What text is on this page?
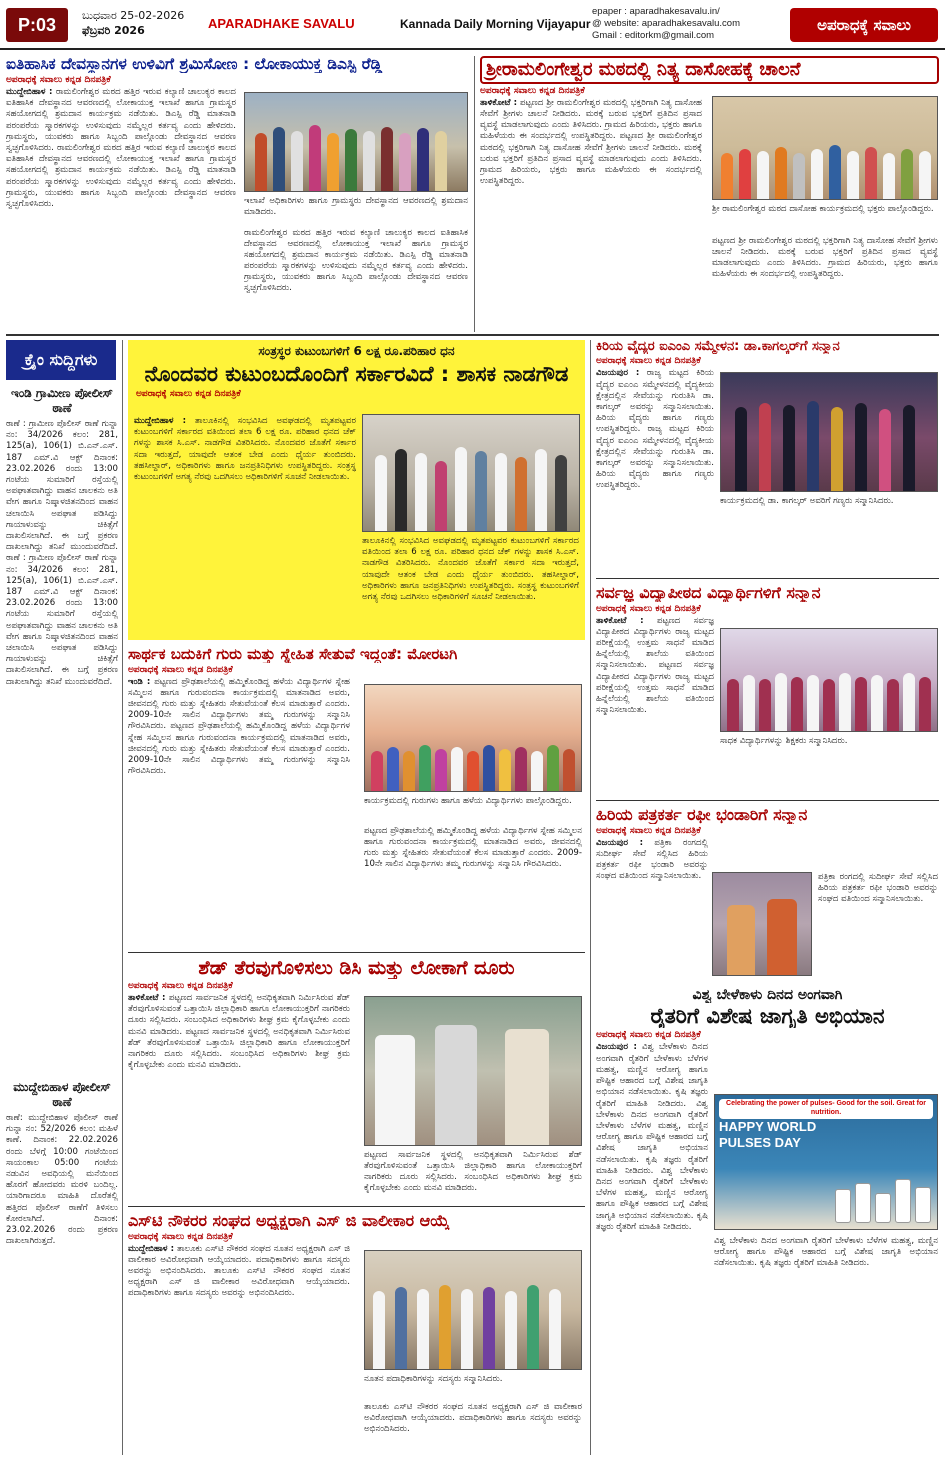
P:03	ಬುಧವಾರ 25-02-2026
ಫೆಬ್ರವರಿ 2026	APARADHAKE SAVALU	Kannada Daily Morning Vijayapur
epaper : aparadhakesavalu.in/
@ website: aparadhakesavalu.com
Gmail : editorkm@gmail.com
ಅಪರಾಧಕ್ಕೆ ಸವಾಲು
ಐತಿಹಾಸಿಕ ದೇವಸ್ಥಾನಗಳ ಉಳಿವಿಗೆ ಶ್ರಮಿಸೋಣ : ಲೋಕಾಯುಕ್ತ ಡಿಎಸ್ಪಿ ರೆಡ್ಡಿ
ಅಪರಾಧಕ್ಕೆ ಸವಾಲು ಕನ್ನಡ ದಿನಪತ್ರಿಕೆ
ಮುದ್ದೇಬಿಹಾಳ : ರಾಮಲಿಂಗೇಶ್ವರ ಮಠದ ಹತ್ತಿರ ಇರುವ ಕಲ್ಯಾಣಿ ಚಾಲುಕ್ಯರ ಕಾಲದ ಐತಿಹಾಸಿಕ ದೇವಸ್ಥಾನದ ಆವರಣದಲ್ಲಿ ಲೋಕಾಯುಕ್ತ ಇಲಾಖೆ ಹಾಗೂ ಗ್ರಾಮಸ್ಥರ ಸಹಯೋಗದಲ್ಲಿ ಶ್ರಮದಾನ ಕಾರ್ಯಕ್ರಮ ನಡೆಯಿತು. ಡಿಎಸ್ಪಿ ರೆಡ್ಡಿ ಮಾತನಾಡಿ ಪರಂಪರೆಯ ಸ್ಮಾರಕಗಳನ್ನು ಉಳಿಸುವುದು ನಮ್ಮೆಲ್ಲರ ಕರ್ತವ್ಯ ಎಂದು ಹೇಳಿದರು. ಗ್ರಾಮಸ್ಥರು, ಯುವಕರು ಹಾಗೂ ಸಿಬ್ಬಂದಿ ಪಾಲ್ಗೊಂಡು ದೇವಸ್ಥಾನದ ಆವರಣ ಸ್ವಚ್ಛಗೊಳಿಸಿದರು. ರಾಮಲಿಂಗೇಶ್ವರ ಮಠದ ಹತ್ತಿರ ಇರುವ ಕಲ್ಯಾಣಿ ಚಾಲುಕ್ಯರ ಕಾಲದ ಐತಿಹಾಸಿಕ ದೇವಸ್ಥಾನದ ಆವರಣದಲ್ಲಿ ಲೋಕಾಯುಕ್ತ ಇಲಾಖೆ ಹಾಗೂ ಗ್ರಾಮಸ್ಥರ ಸಹಯೋಗದಲ್ಲಿ ಶ್ರಮದಾನ ಕಾರ್ಯಕ್ರಮ ನಡೆಯಿತು. ಡಿಎಸ್ಪಿ ರೆಡ್ಡಿ ಮಾತನಾಡಿ ಪರಂಪರೆಯ ಸ್ಮಾರಕಗಳನ್ನು ಉಳಿಸುವುದು ನಮ್ಮೆಲ್ಲರ ಕರ್ತವ್ಯ ಎಂದು ಹೇಳಿದರು. ಗ್ರಾಮಸ್ಥರು, ಯುವಕರು ಹಾಗೂ ಸಿಬ್ಬಂದಿ ಪಾಲ್ಗೊಂಡು ದೇವಸ್ಥಾನದ ಆವರಣ ಸ್ವಚ್ಛಗೊಳಿಸಿದರು.	ಇಲಾಖೆ ಅಧಿಕಾರಿಗಳು ಹಾಗೂ ಗ್ರಾಮಸ್ಥರು ದೇವಸ್ಥಾನದ ಆವರಣದಲ್ಲಿ ಶ್ರಮದಾನ ಮಾಡಿದರು.
ರಾಮಲಿಂಗೇಶ್ವರ ಮಠದ ಹತ್ತಿರ ಇರುವ ಕಲ್ಯಾಣಿ ಚಾಲುಕ್ಯರ ಕಾಲದ ಐತಿಹಾಸಿಕ ದೇವಸ್ಥಾನದ ಆವರಣದಲ್ಲಿ ಲೋಕಾಯುಕ್ತ ಇಲಾಖೆ ಹಾಗೂ ಗ್ರಾಮಸ್ಥರ ಸಹಯೋಗದಲ್ಲಿ ಶ್ರಮದಾನ ಕಾರ್ಯಕ್ರಮ ನಡೆಯಿತು. ಡಿಎಸ್ಪಿ ರೆಡ್ಡಿ ಮಾತನಾಡಿ ಪರಂಪರೆಯ ಸ್ಮಾರಕಗಳನ್ನು ಉಳಿಸುವುದು ನಮ್ಮೆಲ್ಲರ ಕರ್ತವ್ಯ ಎಂದು ಹೇಳಿದರು. ಗ್ರಾಮಸ್ಥರು, ಯುವಕರು ಹಾಗೂ ಸಿಬ್ಬಂದಿ ಪಾಲ್ಗೊಂಡು ದೇವಸ್ಥಾನದ ಆವರಣ ಸ್ವಚ್ಛಗೊಳಿಸಿದರು.
ಶ್ರೀರಾಮಲಿಂಗೇಶ್ವರ ಮಠದಲ್ಲಿ ನಿತ್ಯ ದಾಸೋಹಕ್ಕೆ ಚಾಲನೆ
ಅಪರಾಧಕ್ಕೆ ಸವಾಲು ಕನ್ನಡ ದಿನಪತ್ರಿಕೆ
ತಾಳಿಕೋಟೆ : ಪಟ್ಟಣದ ಶ್ರೀ ರಾಮಲಿಂಗೇಶ್ವರ ಮಠದಲ್ಲಿ ಭಕ್ತರಿಗಾಗಿ ನಿತ್ಯ ದಾಸೋಹ ಸೇವೆಗೆ ಶ್ರೀಗಳು ಚಾಲನೆ ನೀಡಿದರು. ಮಠಕ್ಕೆ ಬರುವ ಭಕ್ತರಿಗೆ ಪ್ರತಿದಿನ ಪ್ರಸಾದ ವ್ಯವಸ್ಥೆ ಮಾಡಲಾಗುವುದು ಎಂದು ತಿಳಿಸಿದರು. ಗ್ರಾಮದ ಹಿರಿಯರು, ಭಕ್ತರು ಹಾಗೂ ಮಹಿಳೆಯರು ಈ ಸಂದರ್ಭದಲ್ಲಿ ಉಪಸ್ಥಿತರಿದ್ದರು. ಪಟ್ಟಣದ ಶ್ರೀ ರಾಮಲಿಂಗೇಶ್ವರ ಮಠದಲ್ಲಿ ಭಕ್ತರಿಗಾಗಿ ನಿತ್ಯ ದಾಸೋಹ ಸೇವೆಗೆ ಶ್ರೀಗಳು ಚಾಲನೆ ನೀಡಿದರು. ಮಠಕ್ಕೆ ಬರುವ ಭಕ್ತರಿಗೆ ಪ್ರತಿದಿನ ಪ್ರಸಾದ ವ್ಯವಸ್ಥೆ ಮಾಡಲಾಗುವುದು ಎಂದು ತಿಳಿಸಿದರು. ಗ್ರಾಮದ ಹಿರಿಯರು, ಭಕ್ತರು ಹಾಗೂ ಮಹಿಳೆಯರು ಈ ಸಂದರ್ಭದಲ್ಲಿ ಉಪಸ್ಥಿತರಿದ್ದರು.
ಶ್ರೀ ರಾಮಲಿಂಗೇಶ್ವರ ಮಠದ ದಾಸೋಹ ಕಾರ್ಯಕ್ರಮದಲ್ಲಿ ಭಕ್ತರು ಪಾಲ್ಗೊಂಡಿದ್ದರು.
ಪಟ್ಟಣದ ಶ್ರೀ ರಾಮಲಿಂಗೇಶ್ವರ ಮಠದಲ್ಲಿ ಭಕ್ತರಿಗಾಗಿ ನಿತ್ಯ ದಾಸೋಹ ಸೇವೆಗೆ ಶ್ರೀಗಳು ಚಾಲನೆ ನೀಡಿದರು. ಮಠಕ್ಕೆ ಬರುವ ಭಕ್ತರಿಗೆ ಪ್ರತಿದಿನ ಪ್ರಸಾದ ವ್ಯವಸ್ಥೆ ಮಾಡಲಾಗುವುದು ಎಂದು ತಿಳಿಸಿದರು. ಗ್ರಾಮದ ಹಿರಿಯರು, ಭಕ್ತರು ಹಾಗೂ ಮಹಿಳೆಯರು ಈ ಸಂದರ್ಭದಲ್ಲಿ ಉಪಸ್ಥಿತರಿದ್ದರು.
ಕ್ರೈಂ ಸುದ್ದಿಗಳು
ಇಂಡಿ ಗ್ರಾಮೀಣ ಪೋಲೀಸ್ ಠಾಣೆ
ಠಾಣೆ : ಗ್ರಾಮೀಣ ಪೊಲೀಸ್ ಠಾಣೆ ಗುನ್ನಾ ನಂ: 34/2026 ಕಲಂ: 281, 125(a), 106(1) ಬಿ.ಎನ್.ಎಸ್. 187 ಎಮ್.ವಿ ಆಕ್ಟ್ ದಿನಾಂಕ: 23.02.2026 ರಂದು 13:00 ಗಂಟೆಯ ಸುಮಾರಿಗೆ ರಸ್ತೆಯಲ್ಲಿ ಅಪಘಾತವಾಗಿದ್ದು ವಾಹನ ಚಾಲಕನು ಅತಿ ವೇಗ ಹಾಗೂ ನಿಷ್ಕಾಳಜಿತನದಿಂದ ವಾಹನ ಚಲಾಯಿಸಿ ಅಪಘಾತ ಪಡಿಸಿದ್ದು ಗಾಯಾಳುವನ್ನು ಚಿಕಿತ್ಸೆಗೆ ದಾಖಲಿಸಲಾಗಿದೆ. ಈ ಬಗ್ಗೆ ಪ್ರಕರಣ ದಾಖಲಾಗಿದ್ದು ತನಿಖೆ ಮುಂದುವರೆದಿದೆ. ಠಾಣೆ : ಗ್ರಾಮೀಣ ಪೊಲೀಸ್ ಠಾಣೆ ಗುನ್ನಾ ನಂ: 34/2026 ಕಲಂ: 281, 125(a), 106(1) ಬಿ.ಎನ್.ಎಸ್. 187 ಎಮ್.ವಿ ಆಕ್ಟ್ ದಿನಾಂಕ: 23.02.2026 ರಂದು 13:00 ಗಂಟೆಯ ಸುಮಾರಿಗೆ ರಸ್ತೆಯಲ್ಲಿ ಅಪಘಾತವಾಗಿದ್ದು ವಾಹನ ಚಾಲಕನು ಅತಿ ವೇಗ ಹಾಗೂ ನಿಷ್ಕಾಳಜಿತನದಿಂದ ವಾಹನ ಚಲಾಯಿಸಿ ಅಪಘಾತ ಪಡಿಸಿದ್ದು ಗಾಯಾಳುವನ್ನು ಚಿಕಿತ್ಸೆಗೆ ದಾಖಲಿಸಲಾಗಿದೆ. ಈ ಬಗ್ಗೆ ಪ್ರಕರಣ ದಾಖಲಾಗಿದ್ದು ತನಿಖೆ ಮುಂದುವರೆದಿದೆ.
ಮುದ್ದೇಬಿಹಾಳ ಪೋಲೀಸ್ ಠಾಣೆ
ಠಾಣೆ: ಮುದ್ದೇಬಿಹಾಳ ಪೊಲೀಸ್ ಠಾಣೆ ಗುನ್ನಾ ನಂ: 52/2026 ಕಲಂ: ಮಹಿಳೆ ಕಾಣೆ. ದಿನಾಂಕ: 22.02.2026 ರಂದು ಬೆಳಗ್ಗೆ 10:00 ಗಂಟೆಯಿಂದ ಸಾಯಂಕಾಲ 05:00 ಗಂಟೆಯ ನಡುವಿನ ಅವಧಿಯಲ್ಲಿ ಮನೆಯಿಂದ ಹೊರಗೆ ಹೋದವರು ಮರಳಿ ಬಂದಿಲ್ಲ. ಯಾರಿಗಾದರೂ ಮಾಹಿತಿ ದೊರೆತಲ್ಲಿ ಹತ್ತಿರದ ಪೊಲೀಸ್ ಠಾಣೆಗೆ ತಿಳಿಸಲು ಕೋರಲಾಗಿದೆ. ದಿನಾಂಕ: 23.02.2026 ರಂದು ಪ್ರಕರಣ ದಾಖಲಾಗಿರುತ್ತದೆ.
ಸಂತ್ರಸ್ಥರ ಕುಟುಂಬಗಳಿಗೆ 6 ಲಕ್ಷ ರೂ.ಪರಿಹಾರ ಧನ
ನೊಂದವರ ಕುಟುಂಬದೊಂದಿಗೆ ಸರ್ಕಾರವಿದೆ : ಶಾಸಕ ನಾಡಗೌಡ
ಅಪರಾಧಕ್ಕೆ ಸವಾಲು ಕನ್ನಡ ದಿನಪತ್ರಿಕೆ
ಮುದ್ದೇಬಿಹಾಳ : ತಾಲೂಕಿನಲ್ಲಿ ಸಂಭವಿಸಿದ ಅವಘಡದಲ್ಲಿ ಮೃತಪಟ್ಟವರ ಕುಟುಂಬಗಳಿಗೆ ಸರ್ಕಾರದ ವತಿಯಿಂದ ತಲಾ 6 ಲಕ್ಷ ರೂ. ಪರಿಹಾರ ಧನದ ಚೆಕ್ ಗಳನ್ನು ಶಾಸಕ ಸಿ.ಎಸ್. ನಾಡಗೌಡ ವಿತರಿಸಿದರು. ನೊಂದವರ ಜೊತೆಗೆ ಸರ್ಕಾರ ಸದಾ ಇರುತ್ತದೆ, ಯಾವುದೇ ಆತಂಕ ಬೇಡ ಎಂದು ಧೈರ್ಯ ತುಂಬಿದರು. ತಹಸೀಲ್ದಾರ್, ಅಧಿಕಾರಿಗಳು ಹಾಗೂ ಜನಪ್ರತಿನಿಧಿಗಳು ಉಪಸ್ಥಿತರಿದ್ದರು. ಸಂತ್ರಸ್ಥ ಕುಟುಂಬಗಳಿಗೆ ಅಗತ್ಯ ನೆರವು ಒದಗಿಸಲು ಅಧಿಕಾರಿಗಳಿಗೆ ಸೂಚನೆ ನೀಡಲಾಯಿತು.
ತಾಲೂಕಿನಲ್ಲಿ ಸಂಭವಿಸಿದ ಅವಘಡದಲ್ಲಿ ಮೃತಪಟ್ಟವರ ಕುಟುಂಬಗಳಿಗೆ ಸರ್ಕಾರದ ವತಿಯಿಂದ ತಲಾ 6 ಲಕ್ಷ ರೂ. ಪರಿಹಾರ ಧನದ ಚೆಕ್ ಗಳನ್ನು ಶಾಸಕ ಸಿ.ಎಸ್. ನಾಡಗೌಡ ವಿತರಿಸಿದರು. ನೊಂದವರ ಜೊತೆಗೆ ಸರ್ಕಾರ ಸದಾ ಇರುತ್ತದೆ, ಯಾವುದೇ ಆತಂಕ ಬೇಡ ಎಂದು ಧೈರ್ಯ ತುಂಬಿದರು. ತಹಸೀಲ್ದಾರ್, ಅಧಿಕಾರಿಗಳು ಹಾಗೂ ಜನಪ್ರತಿನಿಧಿಗಳು ಉಪಸ್ಥಿತರಿದ್ದರು. ಸಂತ್ರಸ್ಥ ಕುಟುಂಬಗಳಿಗೆ ಅಗತ್ಯ ನೆರವು ಒದಗಿಸಲು ಅಧಿಕಾರಿಗಳಿಗೆ ಸೂಚನೆ ನೀಡಲಾಯಿತು.
ಕಿರಿಯ ವೈದ್ಯರ ಐಎಂಎ ಸಮ್ಮೇಳನ: ಡಾ.ಕಾಗಲ್ಕರ್‌ಗೆ ಸನ್ಮಾನ
ಅಪರಾಧಕ್ಕೆ ಸವಾಲು ಕನ್ನಡ ದಿನಪತ್ರಿಕೆ
ವಿಜಯಪುರ : ರಾಜ್ಯ ಮಟ್ಟದ ಕಿರಿಯ ವೈದ್ಯರ ಐಎಂಎ ಸಮ್ಮೇಳನದಲ್ಲಿ ವೈದ್ಯಕೀಯ ಕ್ಷೇತ್ರದಲ್ಲಿನ ಸೇವೆಯನ್ನು ಗುರುತಿಸಿ ಡಾ. ಕಾಗಲ್ಕರ್ ಅವರನ್ನು ಸನ್ಮಾನಿಸಲಾಯಿತು. ಹಿರಿಯ ವೈದ್ಯರು ಹಾಗೂ ಗಣ್ಯರು ಉಪಸ್ಥಿತರಿದ್ದರು. ರಾಜ್ಯ ಮಟ್ಟದ ಕಿರಿಯ ವೈದ್ಯರ ಐಎಂಎ ಸಮ್ಮೇಳನದಲ್ಲಿ ವೈದ್ಯಕೀಯ ಕ್ಷೇತ್ರದಲ್ಲಿನ ಸೇವೆಯನ್ನು ಗುರುತಿಸಿ ಡಾ. ಕಾಗಲ್ಕರ್ ಅವರನ್ನು ಸನ್ಮಾನಿಸಲಾಯಿತು. ಹಿರಿಯ ವೈದ್ಯರು ಹಾಗೂ ಗಣ್ಯರು ಉಪಸ್ಥಿತರಿದ್ದರು.
ಕಾರ್ಯಕ್ರಮದಲ್ಲಿ ಡಾ. ಕಾಗಲ್ಕರ್ ಅವರಿಗೆ ಗಣ್ಯರು ಸನ್ಮಾನಿಸಿದರು.
ಸಾರ್ಥಕ ಬದುಕಿಗೆ ಗುರು ಮತ್ತು ಸ್ನೇಹಿತ ಸೇತುವೆ ಇದ್ದಂತೆ: ಮೋರಟಗಿ
ಅಪರಾಧಕ್ಕೆ ಸವಾಲು ಕನ್ನಡ ದಿನಪತ್ರಿಕೆ
ಇಂಡಿ : ಪಟ್ಟಣದ ಪ್ರೌಢಶಾಲೆಯಲ್ಲಿ ಹಮ್ಮಿಕೊಂಡಿದ್ದ ಹಳೆಯ ವಿದ್ಯಾರ್ಥಿಗಳ ಸ್ನೇಹ ಸಮ್ಮಿಲನ ಹಾಗೂ ಗುರುವಂದನಾ ಕಾರ್ಯಕ್ರಮದಲ್ಲಿ ಮಾತನಾಡಿದ ಅವರು, ಜೀವನದಲ್ಲಿ ಗುರು ಮತ್ತು ಸ್ನೇಹಿತರು ಸೇತುವೆಯಂತೆ ಕೆಲಸ ಮಾಡುತ್ತಾರೆ ಎಂದರು. 2009-10ನೇ ಸಾಲಿನ ವಿದ್ಯಾರ್ಥಿಗಳು ತಮ್ಮ ಗುರುಗಳನ್ನು ಸನ್ಮಾನಿಸಿ ಗೌರವಿಸಿದರು. ಪಟ್ಟಣದ ಪ್ರೌಢಶಾಲೆಯಲ್ಲಿ ಹಮ್ಮಿಕೊಂಡಿದ್ದ ಹಳೆಯ ವಿದ್ಯಾರ್ಥಿಗಳ ಸ್ನೇಹ ಸಮ್ಮಿಲನ ಹಾಗೂ ಗುರುವಂದನಾ ಕಾರ್ಯಕ್ರಮದಲ್ಲಿ ಮಾತನಾಡಿದ ಅವರು, ಜೀವನದಲ್ಲಿ ಗುರು ಮತ್ತು ಸ್ನೇಹಿತರು ಸೇತುವೆಯಂತೆ ಕೆಲಸ ಮಾಡುತ್ತಾರೆ ಎಂದರು. 2009-10ನೇ ಸಾಲಿನ ವಿದ್ಯಾರ್ಥಿಗಳು ತಮ್ಮ ಗುರುಗಳನ್ನು ಸನ್ಮಾನಿಸಿ ಗೌರವಿಸಿದರು.
ಕಾರ್ಯಕ್ರಮದಲ್ಲಿ ಗುರುಗಳು ಹಾಗೂ ಹಳೆಯ ವಿದ್ಯಾರ್ಥಿಗಳು ಪಾಲ್ಗೊಂಡಿದ್ದರು.
ಪಟ್ಟಣದ ಪ್ರೌಢಶಾಲೆಯಲ್ಲಿ ಹಮ್ಮಿಕೊಂಡಿದ್ದ ಹಳೆಯ ವಿದ್ಯಾರ್ಥಿಗಳ ಸ್ನೇಹ ಸಮ್ಮಿಲನ ಹಾಗೂ ಗುರುವಂದನಾ ಕಾರ್ಯಕ್ರಮದಲ್ಲಿ ಮಾತನಾಡಿದ ಅವರು, ಜೀವನದಲ್ಲಿ ಗುರು ಮತ್ತು ಸ್ನೇಹಿತರು ಸೇತುವೆಯಂತೆ ಕೆಲಸ ಮಾಡುತ್ತಾರೆ ಎಂದರು. 2009-10ನೇ ಸಾಲಿನ ವಿದ್ಯಾರ್ಥಿಗಳು ತಮ್ಮ ಗುರುಗಳನ್ನು ಸನ್ಮಾನಿಸಿ ಗೌರವಿಸಿದರು.
ಸರ್ವಜ್ಞ ವಿದ್ಯಾಪೀಠದ ವಿದ್ಯಾರ್ಥಿಗಳಿಗೆ ಸನ್ಮಾನ
ಅಪರಾಧಕ್ಕೆ ಸವಾಲು ಕನ್ನಡ ದಿನಪತ್ರಿಕೆ
ತಾಳಿಕೋಟೆ : ಪಟ್ಟಣದ ಸರ್ವಜ್ಞ ವಿದ್ಯಾಪೀಠದ ವಿದ್ಯಾರ್ಥಿಗಳು ರಾಜ್ಯ ಮಟ್ಟದ ಪರೀಕ್ಷೆಯಲ್ಲಿ ಉತ್ತಮ ಸಾಧನೆ ಮಾಡಿದ ಹಿನ್ನೆಲೆಯಲ್ಲಿ ಶಾಲೆಯ ವತಿಯಿಂದ ಸನ್ಮಾನಿಸಲಾಯಿತು. ಪಟ್ಟಣದ ಸರ್ವಜ್ಞ ವಿದ್ಯಾಪೀಠದ ವಿದ್ಯಾರ್ಥಿಗಳು ರಾಜ್ಯ ಮಟ್ಟದ ಪರೀಕ್ಷೆಯಲ್ಲಿ ಉತ್ತಮ ಸಾಧನೆ ಮಾಡಿದ ಹಿನ್ನೆಲೆಯಲ್ಲಿ ಶಾಲೆಯ ವತಿಯಿಂದ ಸನ್ಮಾನಿಸಲಾಯಿತು.
ಸಾಧಕ ವಿದ್ಯಾರ್ಥಿಗಳನ್ನು ಶಿಕ್ಷಕರು ಸನ್ಮಾನಿಸಿದರು.
ಹಿರಿಯ ಪತ್ರಕರ್ತ ರಫೀ ಭಂಡಾರಿಗೆ ಸನ್ಮಾನ
ಅಪರಾಧಕ್ಕೆ ಸವಾಲು ಕನ್ನಡ ದಿನಪತ್ರಿಕೆ
ವಿಜಯಪುರ : ಪತ್ರಿಕಾ ರಂಗದಲ್ಲಿ ಸುದೀರ್ಘ ಸೇವೆ ಸಲ್ಲಿಸಿದ ಹಿರಿಯ ಪತ್ರಕರ್ತ ರಫೀ ಭಂಡಾರಿ ಅವರನ್ನು ಸಂಘದ ವತಿಯಿಂದ ಸನ್ಮಾನಿಸಲಾಯಿತು.	ಪತ್ರಿಕಾ ರಂಗದಲ್ಲಿ ಸುದೀರ್ಘ ಸೇವೆ ಸಲ್ಲಿಸಿದ ಹಿರಿಯ ಪತ್ರಕರ್ತ ರಫೀ ಭಂಡಾರಿ ಅವರನ್ನು ಸಂಘದ ವತಿಯಿಂದ ಸನ್ಮಾನಿಸಲಾಯಿತು.
ಶೆಡ್ ತೆರವುಗೊಳಿಸಲು ಡಿಸಿ ಮತ್ತು ಲೋಕಾಗೆ ದೂರು
ಅಪರಾಧಕ್ಕೆ ಸವಾಲು ಕನ್ನಡ ದಿನಪತ್ರಿಕೆ
ತಾಳಿಕೋಟೆ : ಪಟ್ಟಣದ ಸಾರ್ವಜನಿಕ ಸ್ಥಳದಲ್ಲಿ ಅನಧಿಕೃತವಾಗಿ ನಿರ್ಮಿಸಿರುವ ಶೆಡ್ ತೆರವುಗೊಳಿಸುವಂತೆ ಒತ್ತಾಯಿಸಿ ಜಿಲ್ಲಾಧಿಕಾರಿ ಹಾಗೂ ಲೋಕಾಯುಕ್ತರಿಗೆ ನಾಗರಿಕರು ದೂರು ಸಲ್ಲಿಸಿದರು. ಸಂಬಂಧಿಸಿದ ಅಧಿಕಾರಿಗಳು ಶೀಘ್ರ ಕ್ರಮ ಕೈಗೊಳ್ಳಬೇಕು ಎಂದು ಮನವಿ ಮಾಡಿದರು. ಪಟ್ಟಣದ ಸಾರ್ವಜನಿಕ ಸ್ಥಳದಲ್ಲಿ ಅನಧಿಕೃತವಾಗಿ ನಿರ್ಮಿಸಿರುವ ಶೆಡ್ ತೆರವುಗೊಳಿಸುವಂತೆ ಒತ್ತಾಯಿಸಿ ಜಿಲ್ಲಾಧಿಕಾರಿ ಹಾಗೂ ಲೋಕಾಯುಕ್ತರಿಗೆ ನಾಗರಿಕರು ದೂರು ಸಲ್ಲಿಸಿದರು. ಸಂಬಂಧಿಸಿದ ಅಧಿಕಾರಿಗಳು ಶೀಘ್ರ ಕ್ರಮ ಕೈಗೊಳ್ಳಬೇಕು ಎಂದು ಮನವಿ ಮಾಡಿದರು.
ಪಟ್ಟಣದ ಸಾರ್ವಜನಿಕ ಸ್ಥಳದಲ್ಲಿ ಅನಧಿಕೃತವಾಗಿ ನಿರ್ಮಿಸಿರುವ ಶೆಡ್ ತೆರವುಗೊಳಿಸುವಂತೆ ಒತ್ತಾಯಿಸಿ ಜಿಲ್ಲಾಧಿಕಾರಿ ಹಾಗೂ ಲೋಕಾಯುಕ್ತರಿಗೆ ನಾಗರಿಕರು ದೂರು ಸಲ್ಲಿಸಿದರು. ಸಂಬಂಧಿಸಿದ ಅಧಿಕಾರಿಗಳು ಶೀಘ್ರ ಕ್ರಮ ಕೈಗೊಳ್ಳಬೇಕು ಎಂದು ಮನವಿ ಮಾಡಿದರು.
ವಿಶ್ವ ಬೇಳೆಕಾಳು ದಿನದ ಅಂಗವಾಗಿ
ರೈತರಿಗೆ ವಿಶೇಷ ಜಾಗೃತಿ ಅಭಿಯಾನ
ಅಪರಾಧಕ್ಕೆ ಸವಾಲು ಕನ್ನಡ ದಿನಪತ್ರಿಕೆ
ವಿಜಯಪುರ : ವಿಶ್ವ ಬೇಳೆಕಾಳು ದಿನದ ಅಂಗವಾಗಿ ರೈತರಿಗೆ ಬೇಳೆಕಾಳು ಬೆಳೆಗಳ ಮಹತ್ವ, ಮಣ್ಣಿನ ಆರೋಗ್ಯ ಹಾಗೂ ಪೌಷ್ಟಿಕ ಆಹಾರದ ಬಗ್ಗೆ ವಿಶೇಷ ಜಾಗೃತಿ ಅಭಿಯಾನ ನಡೆಸಲಾಯಿತು. ಕೃಷಿ ತಜ್ಞರು ರೈತರಿಗೆ ಮಾಹಿತಿ ನೀಡಿದರು. ವಿಶ್ವ ಬೇಳೆಕಾಳು ದಿನದ ಅಂಗವಾಗಿ ರೈತರಿಗೆ ಬೇಳೆಕಾಳು ಬೆಳೆಗಳ ಮಹತ್ವ, ಮಣ್ಣಿನ ಆರೋಗ್ಯ ಹಾಗೂ ಪೌಷ್ಟಿಕ ಆಹಾರದ ಬಗ್ಗೆ ವಿಶೇಷ ಜಾಗೃತಿ ಅಭಿಯಾನ ನಡೆಸಲಾಯಿತು. ಕೃಷಿ ತಜ್ಞರು ರೈತರಿಗೆ ಮಾಹಿತಿ ನೀಡಿದರು. ವಿಶ್ವ ಬೇಳೆಕಾಳು ದಿನದ ಅಂಗವಾಗಿ ರೈತರಿಗೆ ಬೇಳೆಕಾಳು ಬೆಳೆಗಳ ಮಹತ್ವ, ಮಣ್ಣಿನ ಆರೋಗ್ಯ ಹಾಗೂ ಪೌಷ್ಟಿಕ ಆಹಾರದ ಬಗ್ಗೆ ವಿಶೇಷ ಜಾಗೃತಿ ಅಭಿಯಾನ ನಡೆಸಲಾಯಿತು. ಕೃಷಿ ತಜ್ಞರು ರೈತರಿಗೆ ಮಾಹಿತಿ ನೀಡಿದರು.
Celebrating the power of pulses- Good for the soil. Great for nutrition.
HAPPY WORLD
PULSES DAY
ವಿಶ್ವ ಬೇಳೆಕಾಳು ದಿನದ ಅಂಗವಾಗಿ ರೈತರಿಗೆ ಬೇಳೆಕಾಳು ಬೆಳೆಗಳ ಮಹತ್ವ, ಮಣ್ಣಿನ ಆರೋಗ್ಯ ಹಾಗೂ ಪೌಷ್ಟಿಕ ಆಹಾರದ ಬಗ್ಗೆ ವಿಶೇಷ ಜಾಗೃತಿ ಅಭಿಯಾನ ನಡೆಸಲಾಯಿತು. ಕೃಷಿ ತಜ್ಞರು ರೈತರಿಗೆ ಮಾಹಿತಿ ನೀಡಿದರು.
ಎಸ್‌ಟಿ ನೌಕರರ ಸಂಘದ ಅಧ್ಯಕ್ಷರಾಗಿ ಎಸ್ ಜಿ ವಾಲೀಕಾರ ಆಯ್ಕೆ
ಅಪರಾಧಕ್ಕೆ ಸವಾಲು ಕನ್ನಡ ದಿನಪತ್ರಿಕೆ
ಮುದ್ದೇಬಿಹಾಳ : ತಾಲೂಕು ಎಸ್‌ಟಿ ನೌಕರರ ಸಂಘದ ನೂತನ ಅಧ್ಯಕ್ಷರಾಗಿ ಎಸ್ ಜಿ ವಾಲೀಕಾರ ಅವಿರೋಧವಾಗಿ ಆಯ್ಕೆಯಾದರು. ಪದಾಧಿಕಾರಿಗಳು ಹಾಗೂ ಸದಸ್ಯರು ಅವರನ್ನು ಅಭಿನಂದಿಸಿದರು. ತಾಲೂಕು ಎಸ್‌ಟಿ ನೌಕರರ ಸಂಘದ ನೂತನ ಅಧ್ಯಕ್ಷರಾಗಿ ಎಸ್ ಜಿ ವಾಲೀಕಾರ ಅವಿರೋಧವಾಗಿ ಆಯ್ಕೆಯಾದರು. ಪದಾಧಿಕಾರಿಗಳು ಹಾಗೂ ಸದಸ್ಯರು ಅವರನ್ನು ಅಭಿನಂದಿಸಿದರು.
ನೂತನ ಪದಾಧಿಕಾರಿಗಳನ್ನು ಸದಸ್ಯರು ಸನ್ಮಾನಿಸಿದರು.
ತಾಲೂಕು ಎಸ್‌ಟಿ ನೌಕರರ ಸಂಘದ ನೂತನ ಅಧ್ಯಕ್ಷರಾಗಿ ಎಸ್ ಜಿ ವಾಲೀಕಾರ ಅವಿರೋಧವಾಗಿ ಆಯ್ಕೆಯಾದರು. ಪದಾಧಿಕಾರಿಗಳು ಹಾಗೂ ಸದಸ್ಯರು ಅವರನ್ನು ಅಭಿನಂದಿಸಿದರು.
